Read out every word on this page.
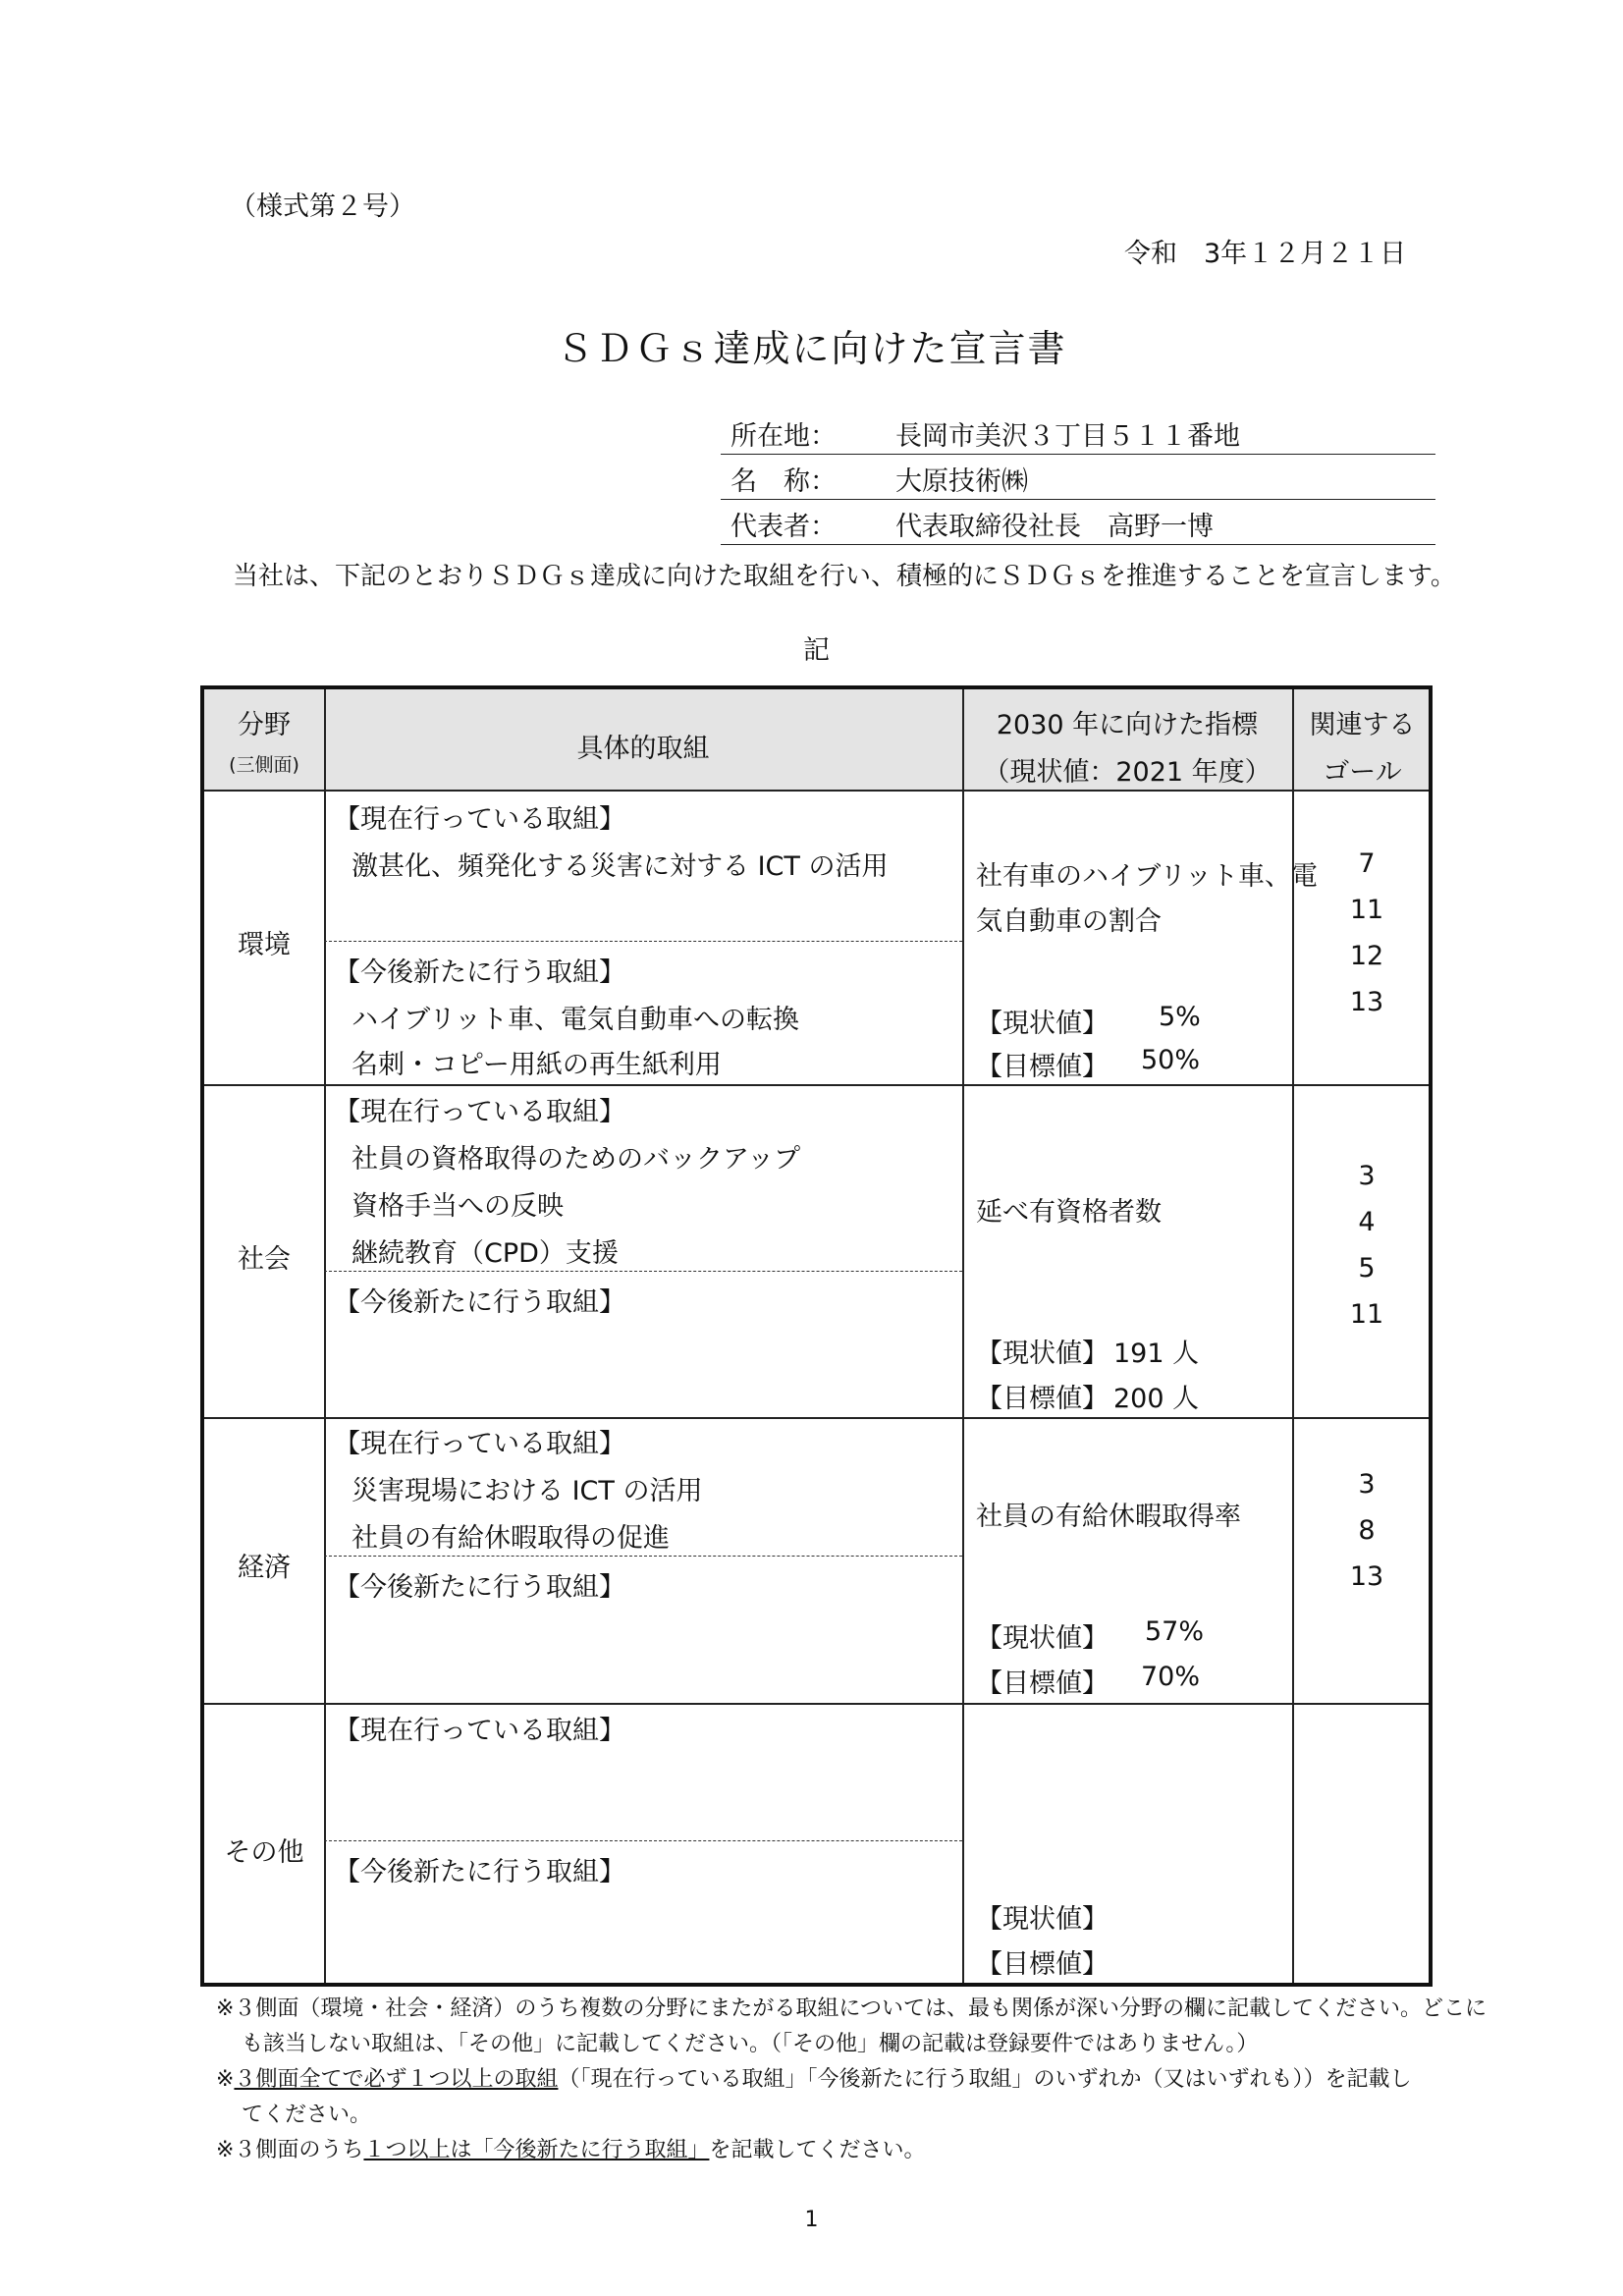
（様式第２号）
令和　3年１２月２１日
ＳＤＧｓ達成に向けた宣言書
所在地： 長岡市美沢３丁目５１１番地
名　称： 大原技術㈱
代表者： 代表取締役社長　高野一博
当社は、下記のとおりＳＤＧｓ達成に向けた取組を行い、積極的にＳＤＧｓを推進することを宣言します。
記
分野
(三側面)
具体的取組
2030 年に向けた指標
（現状値：2021 年度）
関連する
ゴール
環境
【現在行っている取組】
激甚化、頻発化する災害に対する ICT の活用
【今後新たに行う取組】
ハイブリット車、電気自動車への転換
名刺・コピー用紙の再生紙利用
社有車のハイブリット車、電
気自動車の割合
【現状値】 5%
【目標値】 50%
7
11
12
13
社会
【現在行っている取組】
社員の資格取得のためのバックアップ
資格手当への反映
継続教育（CPD）支援
【今後新たに行う取組】
延べ有資格者数
【現状値】 191 人
【目標値】 200 人
3
4
5
11
経済
【現在行っている取組】
災害現場における ICT の活用
社員の有給休暇取得の促進
【今後新たに行う取組】
社員の有給休暇取得率
【現状値】 57%
【目標値】 70%
3
8
13
その他
【現在行っている取組】
【今後新たに行う取組】
【現状値】
【目標値】
※３側面（環境・社会・経済）のうち複数の分野にまたがる取組については、最も関係が深い分野の欄に記載してください。どこに
も該当しない取組は、「その他」に記載してください。（「その他」欄の記載は登録要件ではありません。）
※３側面全てで必ず１つ以上の取組（「現在行っている取組」「今後新たに行う取組」のいずれか（又はいずれも））を記載し
てください。
※３側面のうち１つ以上は「今後新たに行う取組」を記載してください。
1
